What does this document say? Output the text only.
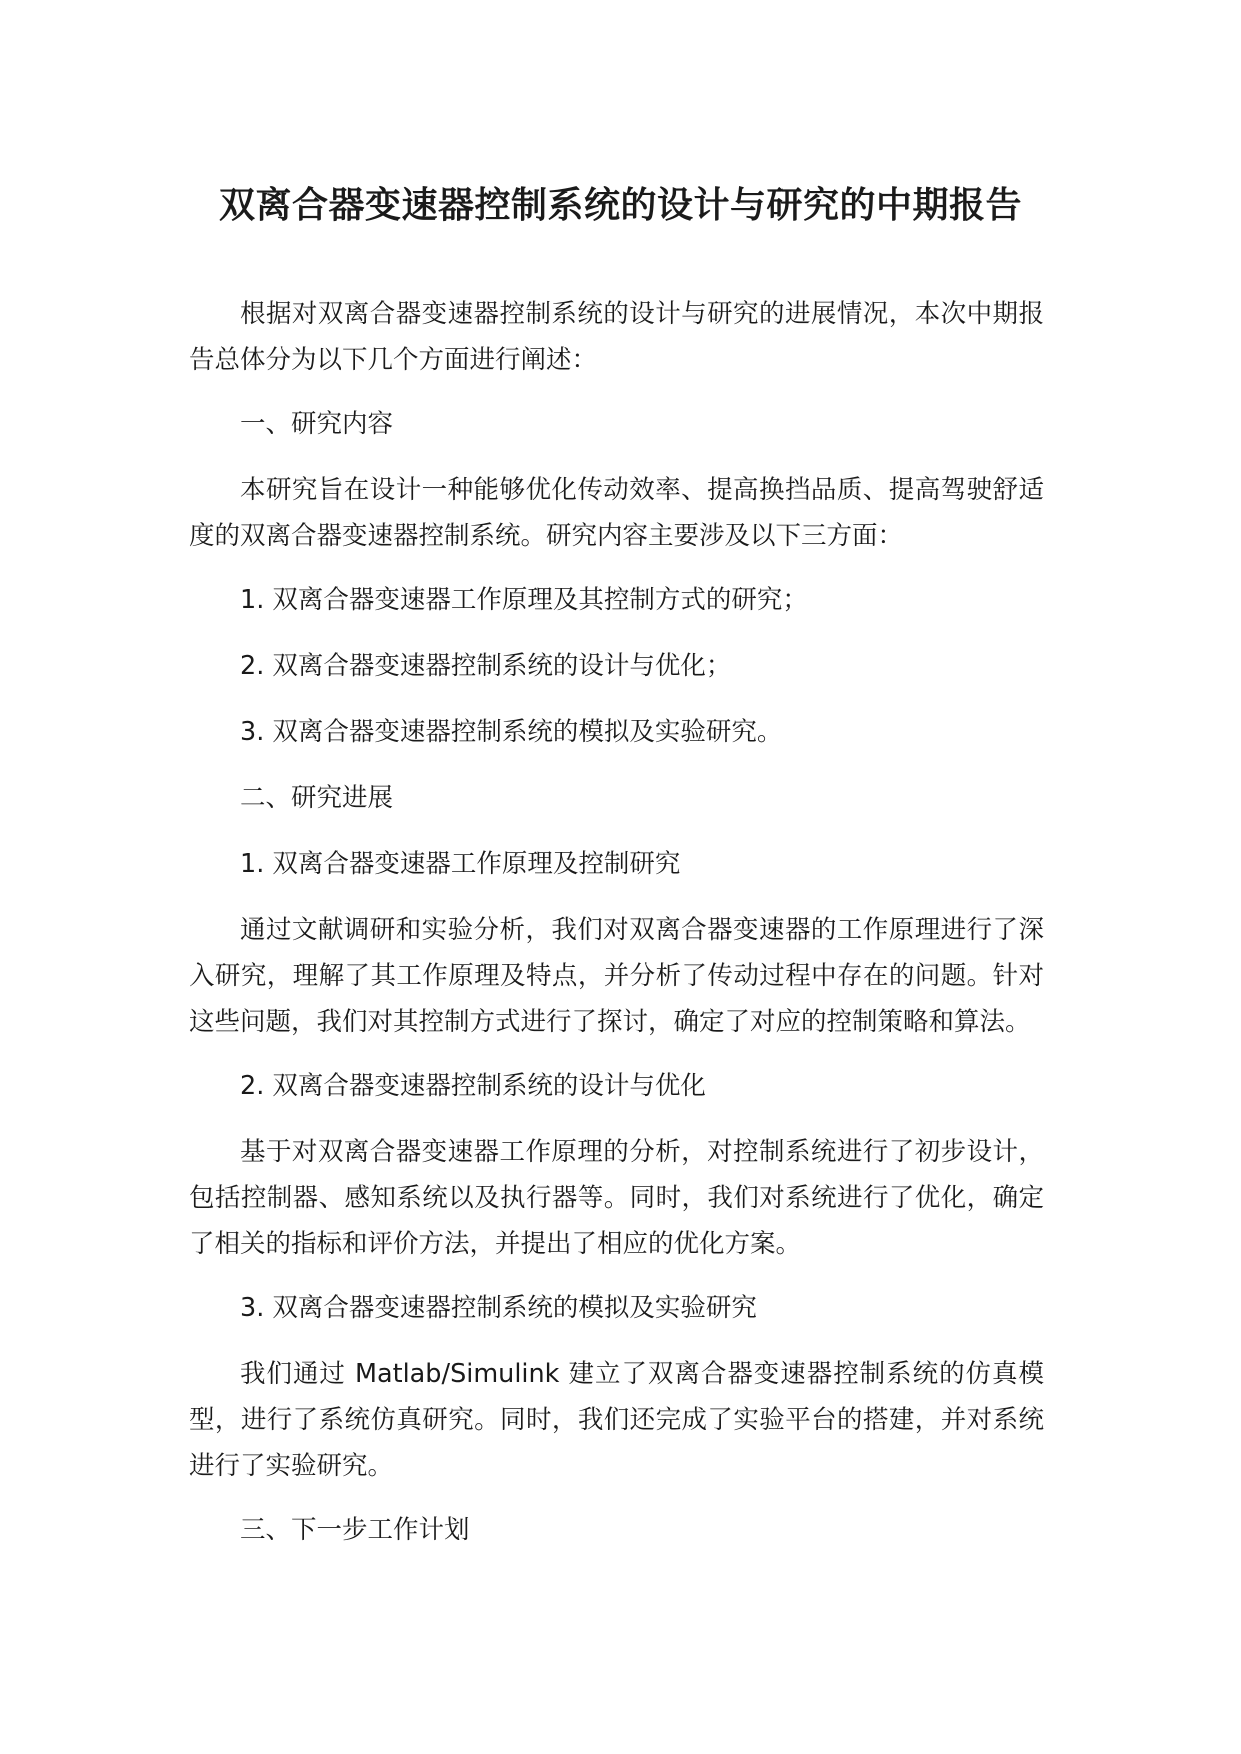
双离合器变速器控制系统的设计与研究的中期报告

根据对双离合器变速器控制系统的设计与研究的进展情况，本次中期报告总体分为以下几个方面进行阐述：

一、研究内容

本研究旨在设计一种能够优化传动效率、提高换挡品质、提高驾驶舒适度的双离合器变速器控制系统。研究内容主要涉及以下三方面：

1. 双离合器变速器工作原理及其控制方式的研究；

2. 双离合器变速器控制系统的设计与优化；

3. 双离合器变速器控制系统的模拟及实验研究。

二、研究进展

1. 双离合器变速器工作原理及控制研究

通过文献调研和实验分析，我们对双离合器变速器的工作原理进行了深入研究，理解了其工作原理及特点，并分析了传动过程中存在的问题。针对这些问题，我们对其控制方式进行了探讨，确定了对应的控制策略和算法。

2. 双离合器变速器控制系统的设计与优化

基于对双离合器变速器工作原理的分析，对控制系统进行了初步设计，包括控制器、感知系统以及执行器等。同时，我们对系统进行了优化，确定了相关的指标和评价方法，并提出了相应的优化方案。

3. 双离合器变速器控制系统的模拟及实验研究

我们通过 Matlab/Simulink 建立了双离合器变速器控制系统的仿真模型，进行了系统仿真研究。同时，我们还完成了实验平台的搭建，并对系统进行了实验研究。

三、下一步工作计划
